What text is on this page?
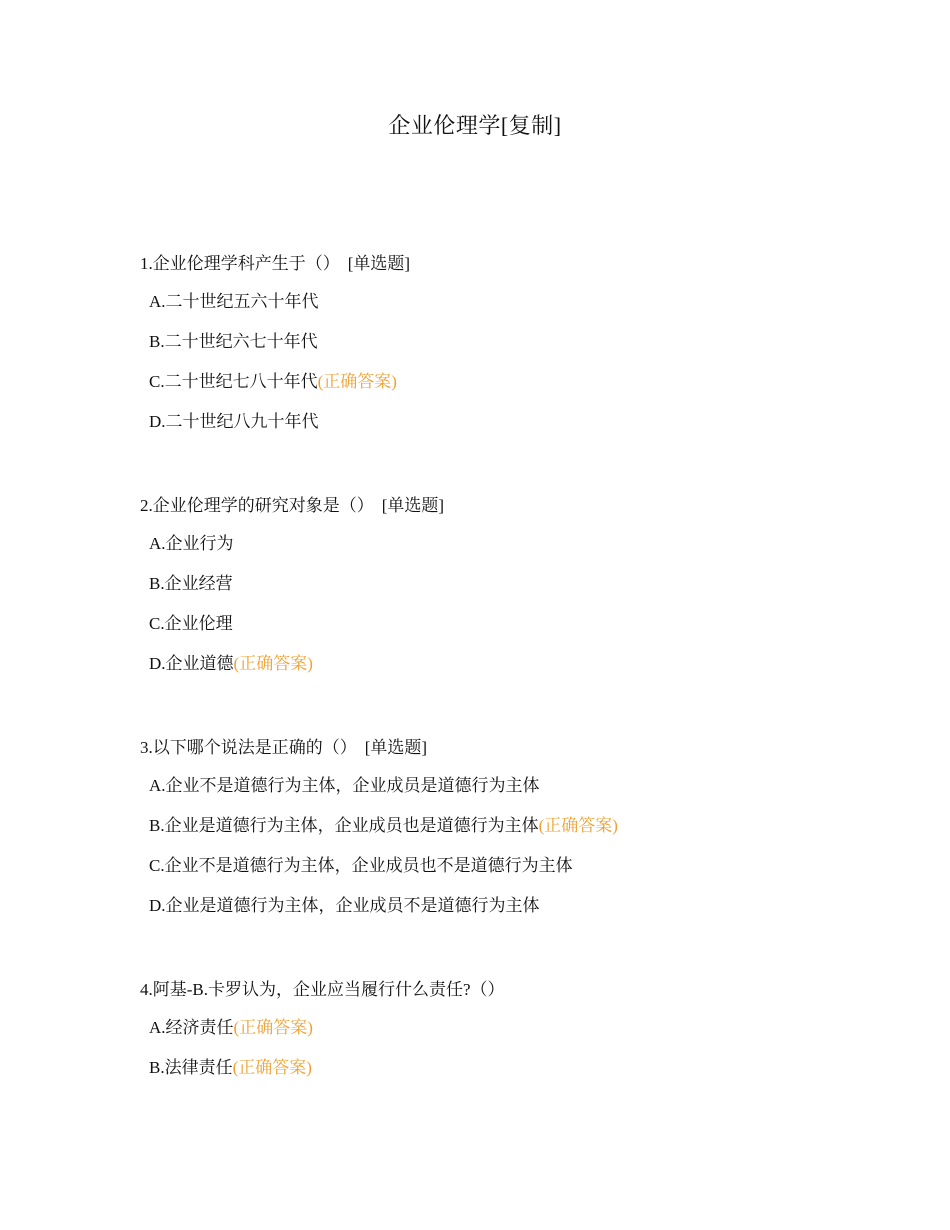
企业伦理学[复制]
1.企业伦理学科产生于（） [单选题]
A.二十世纪五六十年代
B.二十世纪六七十年代
C.二十世纪七八十年代 (正确答案)
D.二十世纪八九十年代
2.企业伦理学的研究对象是（） [单选题]
A.企业行为
B.企业经营
C.企业伦理
D.企业道德 (正确答案)
3.以下哪个说法是正确的（） [单选题]
A.企业不是道德行为主体，企业成员是道德行为主体
B.企业是道德行为主体，企业成员也是道德行为主体 (正确答案)
C.企业不是道德行为主体，企业成员也不是道德行为主体
D.企业是道德行为主体，企业成员不是道德行为主体
4.阿基-B.卡罗认为，企业应当履行什么责任?（）
A.经济责任 (正确答案)
B.法律责任 (正确答案)
